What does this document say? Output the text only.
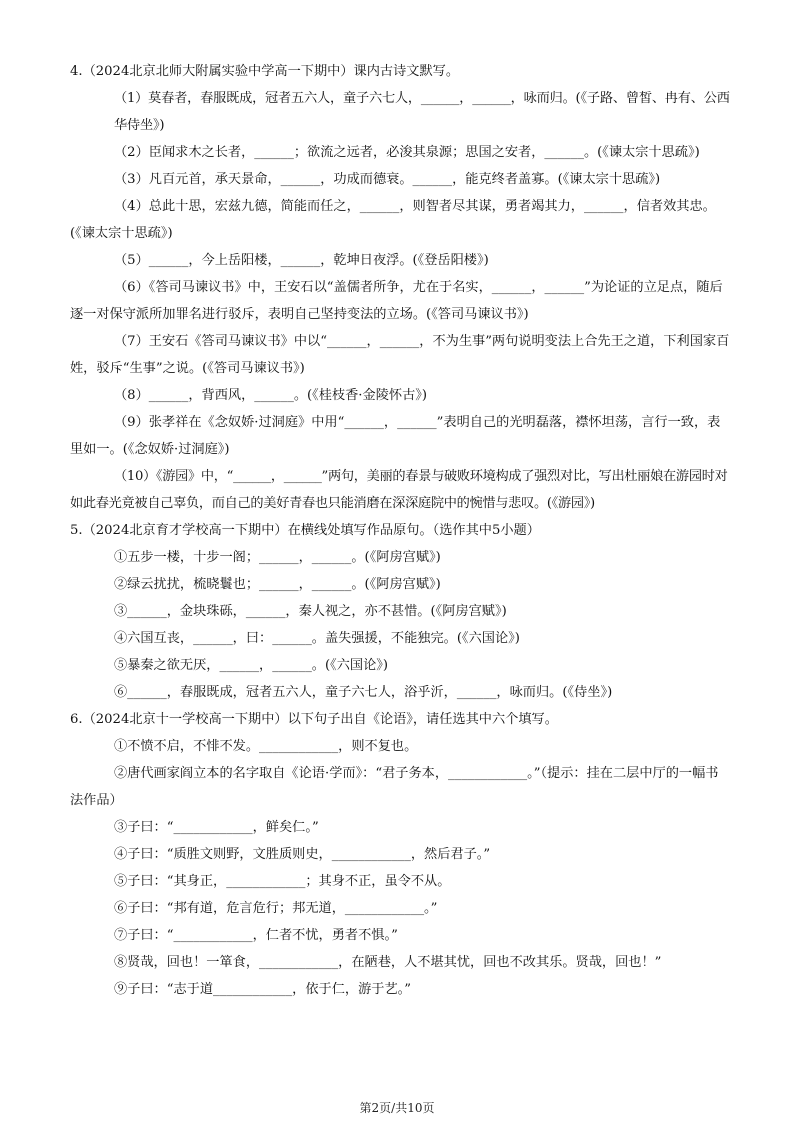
4.（2024北京北师大附属实验中学高一下期中）课内古诗文默写。

（1）莫春者，春服既成，冠者五六人，童子六七人，______，______，咏而归。(《子路、曾皙、冉有、公西华侍坐》)

（2）臣闻求木之长者，______；欲流之远者，必浚其泉源；思国之安者，______。(《谏太宗十思疏》)

（3）凡百元首，承天景命，______，功成而德衰。______，能克终者盖寡。(《谏太宗十思疏》)

（4）总此十思，宏兹九德，简能而任之，______，则智者尽其谋，勇者竭其力，______，信者效其忠。(《谏太宗十思疏》)

（5）______，今上岳阳楼，______，乾坤日夜浮。(《登岳阳楼》)

（6）《答司马谏议书》中，王安石以“盖儒者所争，尤在于名实，______，______”为论证的立足点，随后逐一对保守派所加罪名进行驳斥，表明自己坚持变法的立场。(《答司马谏议书》)

（7）王安石《答司马谏议书》中以“______，______，不为生事”两句说明变法上合先王之道，下利国家百姓，驳斥“生事”之说。(《答司马谏议书》)

（8）______，背西风，______。(《桂枝香·金陵怀古》)

（9）张孝祥在《念奴娇·过洞庭》中用“______，______”表明自己的光明磊落，襟怀坦荡，言行一致，表里如一。(《念奴娇·过洞庭》)

（10）《游园》中，“______，______”两句，美丽的春景与破败环境构成了强烈对比，写出杜丽娘在游园时对如此春光竟被自己辜负，而自己的美好青春也只能消磨在深深庭院中的惋惜与悲叹。(《游园》)

5.（2024北京育才学校高一下期中）在横线处填写作品原句。（选作其中5小题）

①五步一楼，十步一阁；______，______。(《阿房宫赋》)

②绿云扰扰，梳晓鬟也；______，______。(《阿房宫赋》)

③______，金块珠砾，______，秦人视之，亦不甚惜。(《阿房宫赋》)

④六国互丧，______，曰：______。盖失强援，不能独完。(《六国论》)

⑤暴秦之欲无厌，______，______。(《六国论》)

⑥______，春服既成，冠者五六人，童子六七人，浴乎沂，______，咏而归。(《侍坐》)

6.（2024北京十一学校高一下期中）以下句子出自《论语》，请任选其中六个填写。

①不愤不启，不悱不发。____________，则不复也。

②唐代画家阎立本的名字取自《论语·学而》：“君子务本，____________。”（提示：挂在二层中厅的一幅书法作品）

③子曰：“____________，鲜矣仁。”

④子曰：“质胜文则野，文胜质则史，____________，然后君子。”

⑤子曰：“其身正，____________；其身不正，虽令不从。

⑥子曰：“邦有道，危言危行；邦无道，____________。”

⑦子曰：“____________，仁者不忧，勇者不惧。”

⑧贤哉，回也！一箪食，____________，在陋巷，人不堪其忧，回也不改其乐。贤哉，回也！”

⑨子曰：“志于道____________，依于仁，游于艺。”

第2页/共10页
